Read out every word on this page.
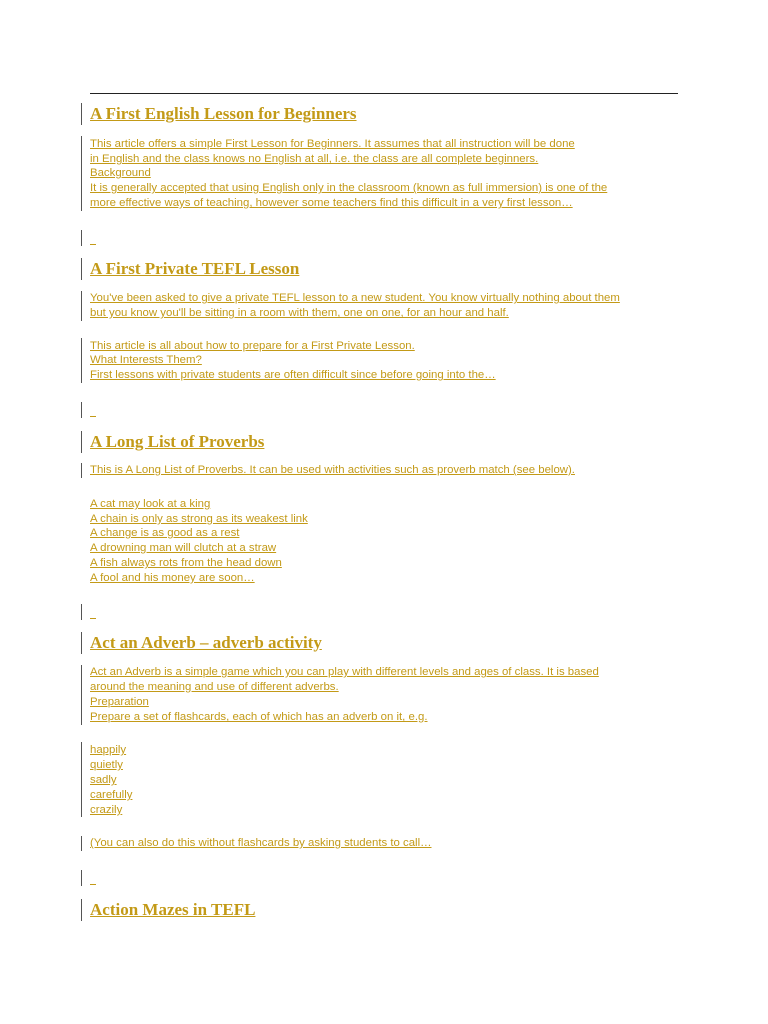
A First English Lesson for Beginners
This article offers a simple First Lesson for Beginners. It assumes that all instruction will be done
in English and the class knows no English at all, i.e. the class are all complete beginners.
Background
It is generally accepted that using English only in the classroom (known as full immersion) is one of the
more effective ways of teaching, however some teachers find this difficult in a very first lesson…
A First Private TEFL Lesson
You've been asked to give a private TEFL lesson to a new student. You know virtually nothing about them
but you know you'll be sitting in a room with them, one on one, for an hour and half.
This article is all about how to prepare for a First Private Lesson.
What Interests Them?
First lessons with private students are often difficult since before going into the…
A Long List of Proverbs
This is A Long List of Proverbs. It can be used with activities such as proverb match (see below).
A cat may look at a king
A chain is only as strong as its weakest link
A change is as good as a rest
A drowning man will clutch at a straw
A fish always rots from the head down
A fool and his money are soon…
Act an Adverb – adverb activity
Act an Adverb is a simple game which you can play with different levels and ages of class. It is based
around the meaning and use of different adverbs.
Preparation
Prepare a set of flashcards, each of which has an adverb on it, e.g.
happily
quietly
sadly
carefully
crazily
(You can also do this without flashcards by asking students to call…
Action Mazes in TEFL
